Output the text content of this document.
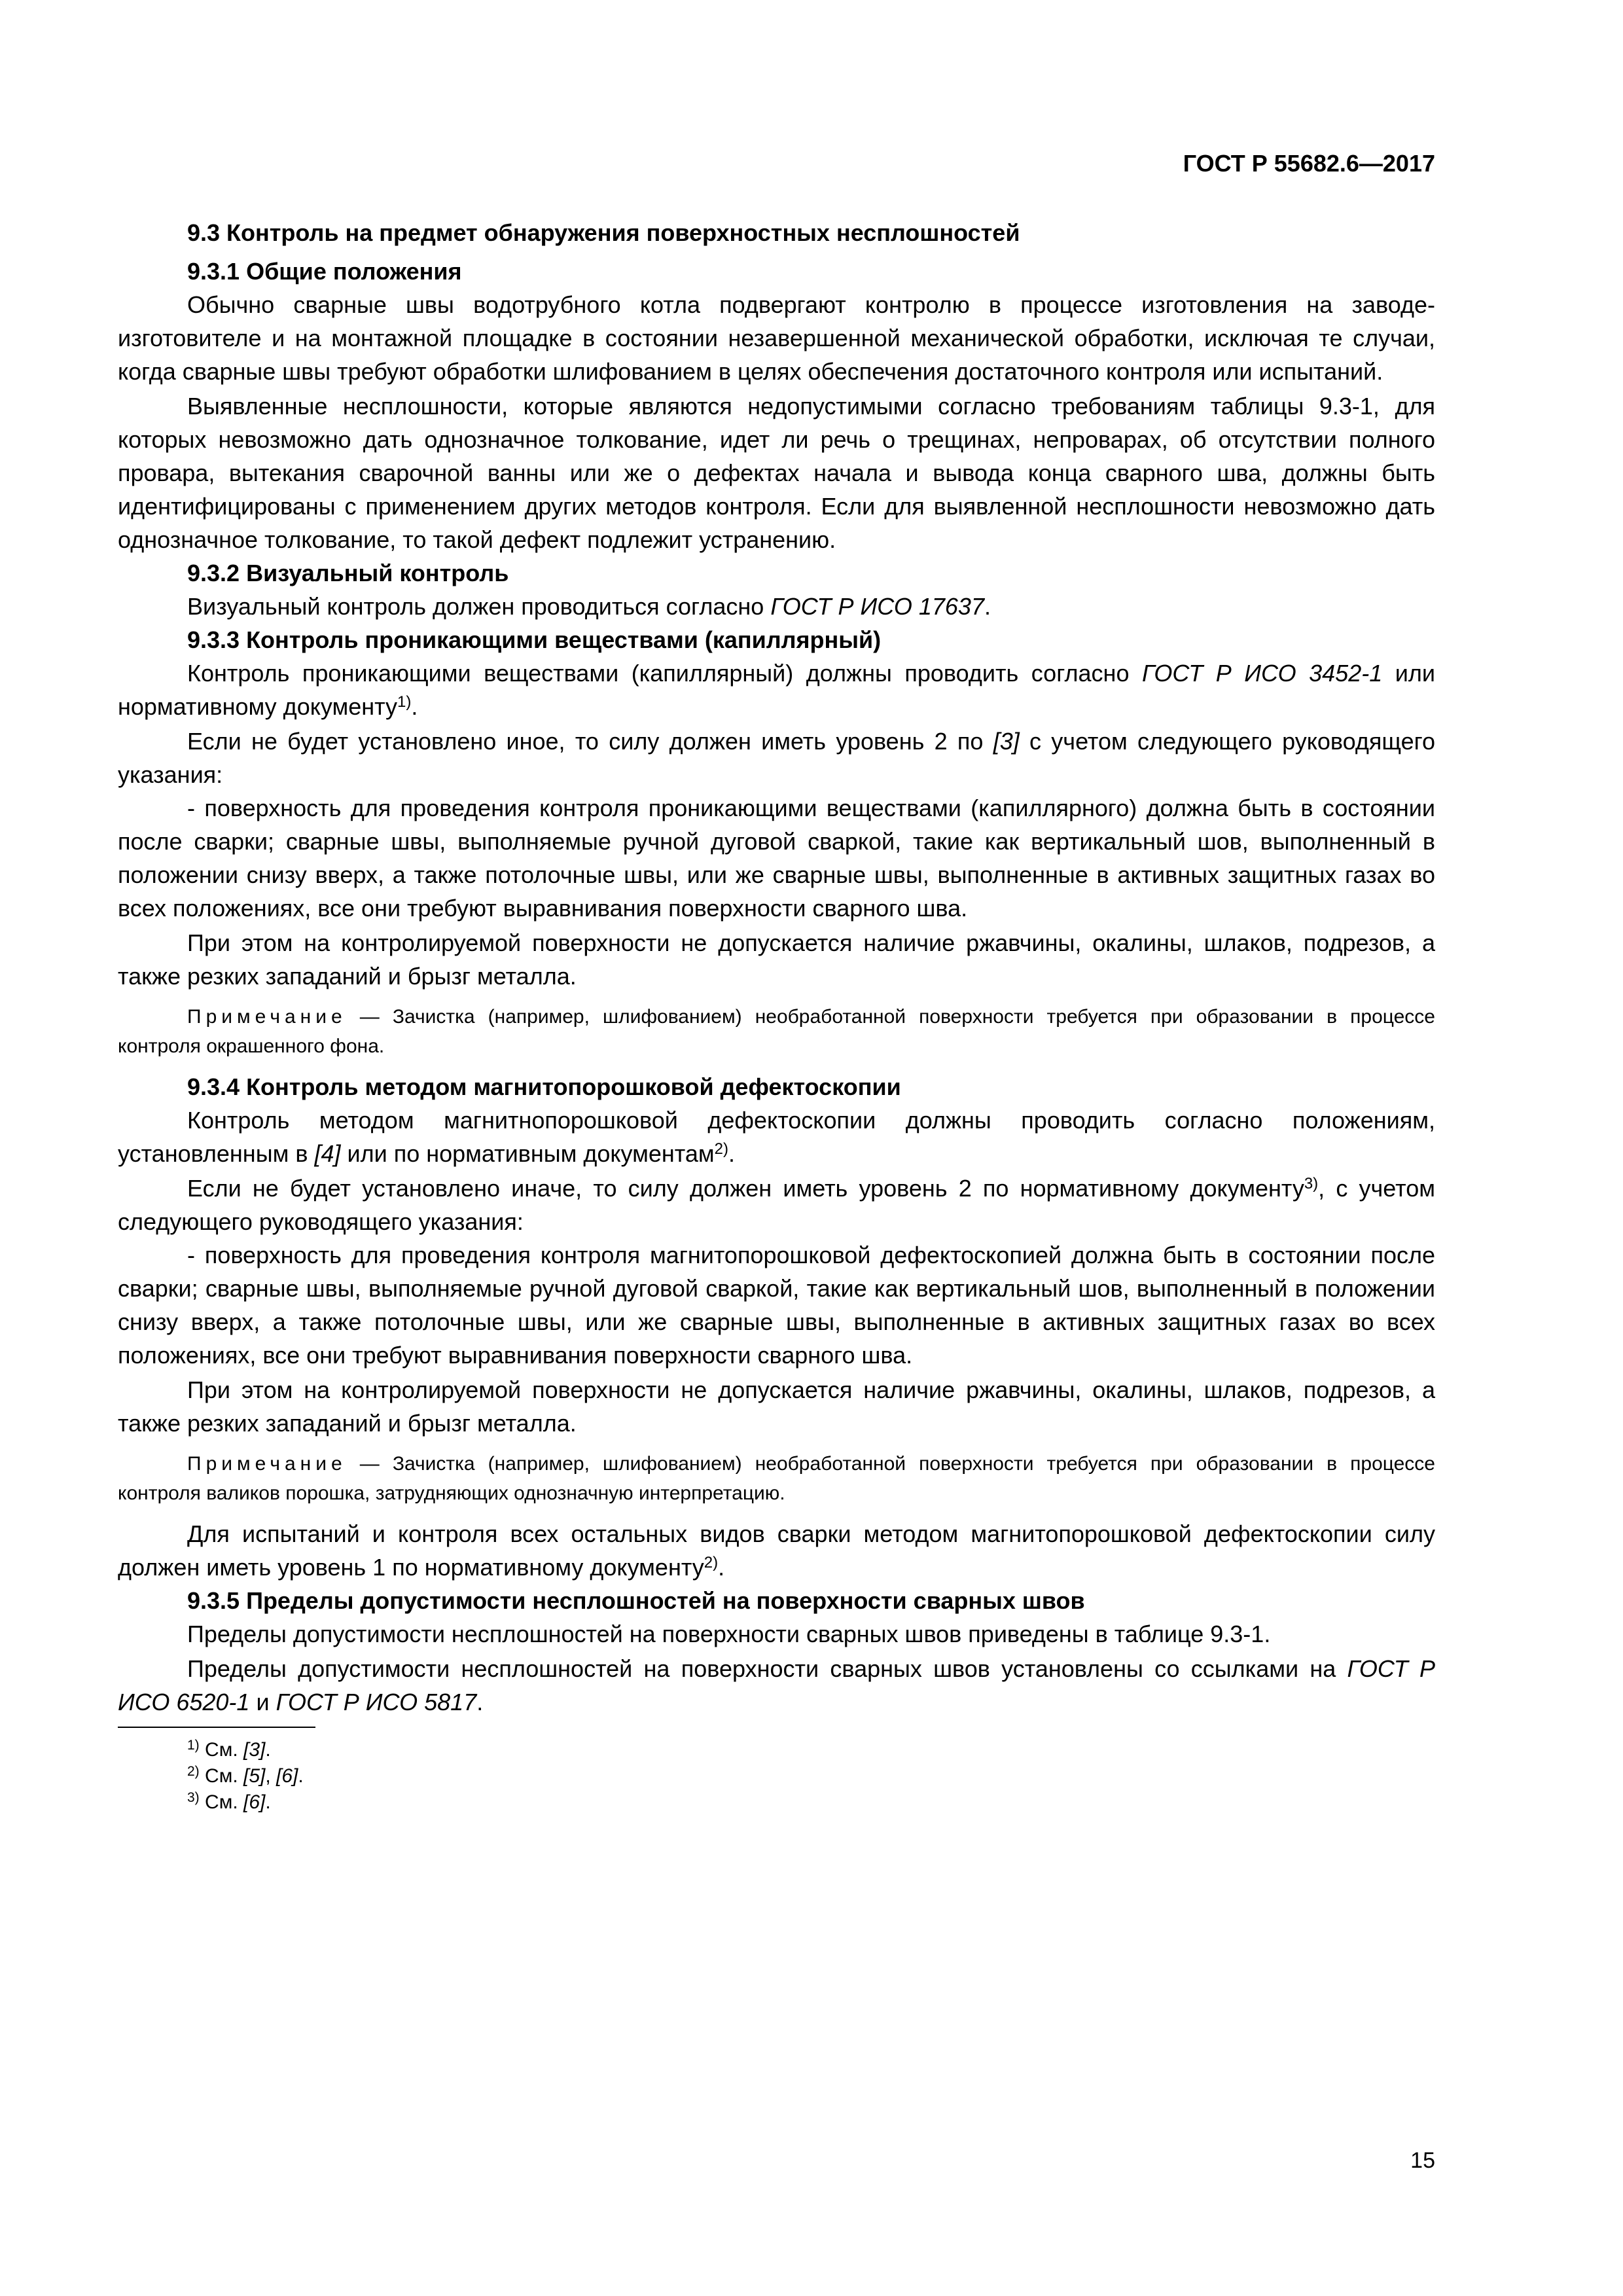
ГОСТ Р 55682.6—2017
9.3 Контроль на предмет обнаружения поверхностных несплошностей
9.3.1 Общие положения
Обычно сварные швы водотрубного котла подвергают контролю в процессе изготовления на заводе-изготовителе и на монтажной площадке в состоянии незавершенной механической обработки, исключая те случаи, когда сварные швы требуют обработки шлифованием в целях обеспечения достаточного контроля или испытаний.
Выявленные несплошности, которые являются недопустимыми согласно требованиям таблицы 9.3-1, для которых невозможно дать однозначное толкование, идет ли речь о трещинах, непроварах, об отсутствии полного провара, вытекания сварочной ванны или же о дефектах начала и вывода конца сварного шва, должны быть идентифицированы с применением других методов контроля. Если для выявленной несплошности невозможно дать однозначное толкование, то такой дефект подлежит устранению.
9.3.2 Визуальный контроль
Визуальный контроль должен проводиться согласно ГОСТ Р ИСО 17637.
9.3.3 Контроль проникающими веществами (капиллярный)
Контроль проникающими веществами (капиллярный) должны проводить согласно ГОСТ Р ИСО 3452-1 или нормативному документу$^{1)}$.
Если не будет установлено иное, то силу должен иметь уровень 2 по [3] с учетом следующего руководящего указания:
- поверхность для проведения контроля проникающими веществами (капиллярного) должна быть в состоянии после сварки; сварные швы, выполняемые ручной дуговой сваркой, такие как вертикальный шов, выполненный в положении снизу вверх, а также потолочные швы, или же сварные швы, выполненные в активных защитных газах во всех положениях, все они требуют выравнивания поверхности сварного шва.
При этом на контролируемой поверхности не допускается наличие ржавчины, окалины, шлаков, подрезов, а также резких западаний и брызг металла.
Примечание — Зачистка (например, шлифованием) необработанной поверхности требуется при образовании в процессе контроля окрашенного фона.
9.3.4 Контроль методом магнитопорошковой дефектоскопии
Контроль методом магнитнопорошковой дефектоскопии должны проводить согласно положениям, установленным в [4] или по нормативным документам$^{2)}$.
Если не будет установлено иначе, то силу должен иметь уровень 2 по нормативному документу$^{3)}$, с учетом следующего руководящего указания:
- поверхность для проведения контроля магнитопорошковой дефектоскопией должна быть в состоянии после сварки; сварные швы, выполняемые ручной дуговой сваркой, такие как вертикальный шов, выполненный в положении снизу вверх, а также потолочные швы, или же сварные швы, выполненные в активных защитных газах во всех положениях, все они требуют выравнивания поверхности сварного шва.
При этом на контролируемой поверхности не допускается наличие ржавчины, окалины, шлаков, подрезов, а также резких западаний и брызг металла.
Примечание — Зачистка (например, шлифованием) необработанной поверхности требуется при образовании в процессе контроля валиков порошка, затрудняющих однозначную интерпретацию.
Для испытаний и контроля всех остальных видов сварки методом магнитопорошковой дефектоскопии силу должен иметь уровень 1 по нормативному документу$^{2)}$.
9.3.5 Пределы допустимости несплошностей на поверхности сварных швов
Пределы допустимости несплошностей на поверхности сварных швов приведены в таблице 9.3-1.
Пределы допустимости несплошностей на поверхности сварных швов установлены со ссылками на ГОСТ Р ИСО 6520-1 и ГОСТ Р ИСО 5817.
$^{1)}$ См. [3].
$^{2)}$ См. [5], [6].
$^{3)}$ См. [6].
15
